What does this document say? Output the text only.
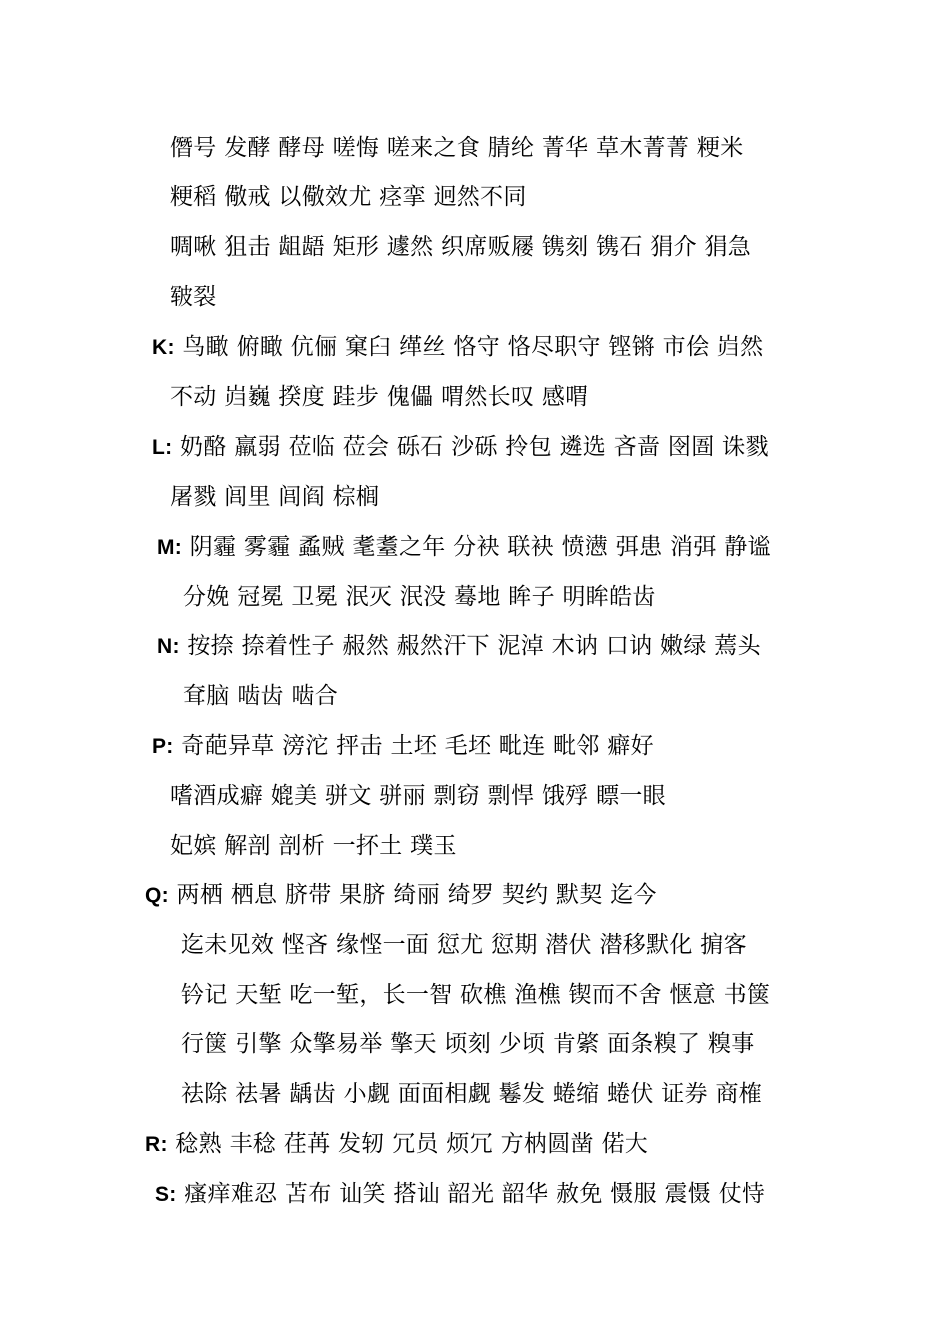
僭号 发酵 酵母 嗟悔 嗟来之食 腈纶 菁华 草木菁菁 粳米
粳稻 儆戒 以儆效尤 痉挛 迥然不同
啁啾 狙击 龃龉 矩形 遽然 织席贩屦 镌刻 镌石 狷介 狷急
皲裂
K: 鸟瞰 俯瞰 伉俪 窠臼 缂丝 恪守 恪尽职守 铿锵 市侩 岿然
不动 岿巍 揆度 跬步 傀儡 喟然长叹 感喟
L: 奶酪 羸弱 莅临 莅会 砾石 沙砾 拎包 遴选 吝啬 囹圄 诛戮
屠戮 闾里 闾阎 棕榈
M: 阴霾 雾霾 蟊贼 耄耋之年 分袂 联袂 愤懑 弭患 消弭 静谧
分娩 冠冕 卫冕 泯灭 泯没 蓦地 眸子 明眸皓齿
N: 按捺 捺着性子 赧然 赧然汗下 泥淖 木讷 口讷 嫩绿 蔫头
耷脑 啮齿 啮合
P: 奇葩异草 滂沱 抨击 土坯 毛坯 毗连 毗邻 癖好
嗜酒成癖 媲美 骈文 骈丽 剽窃 剽悍 饿殍 瞟一眼
妃嫔 解剖 剖析 一抔土 璞玉
Q: 两栖 栖息 脐带 果脐 绮丽 绮罗 契约 默契 迄今
迄未见效 悭吝 缘悭一面 愆尤 愆期 潜伏 潜移默化 掮客
钤记 天堑 吃一堑，长一智 砍樵 渔樵 锲而不舍 惬意 书箧
行箧 引擎 众擎易举 擎天 顷刻 少顷 肯綮 面条糗了 糗事
祛除 祛暑 龋齿 小觑 面面相觑 鬈发 蜷缩 蜷伏 证券 商榷
R: 稔熟 丰稔 荏苒 发轫 冗员 烦冗 方枘圆凿 偌大
S: 瘙痒难忍 苫布 讪笑 搭讪 韶光 韶华 赦免 慑服 震慑 仗恃
